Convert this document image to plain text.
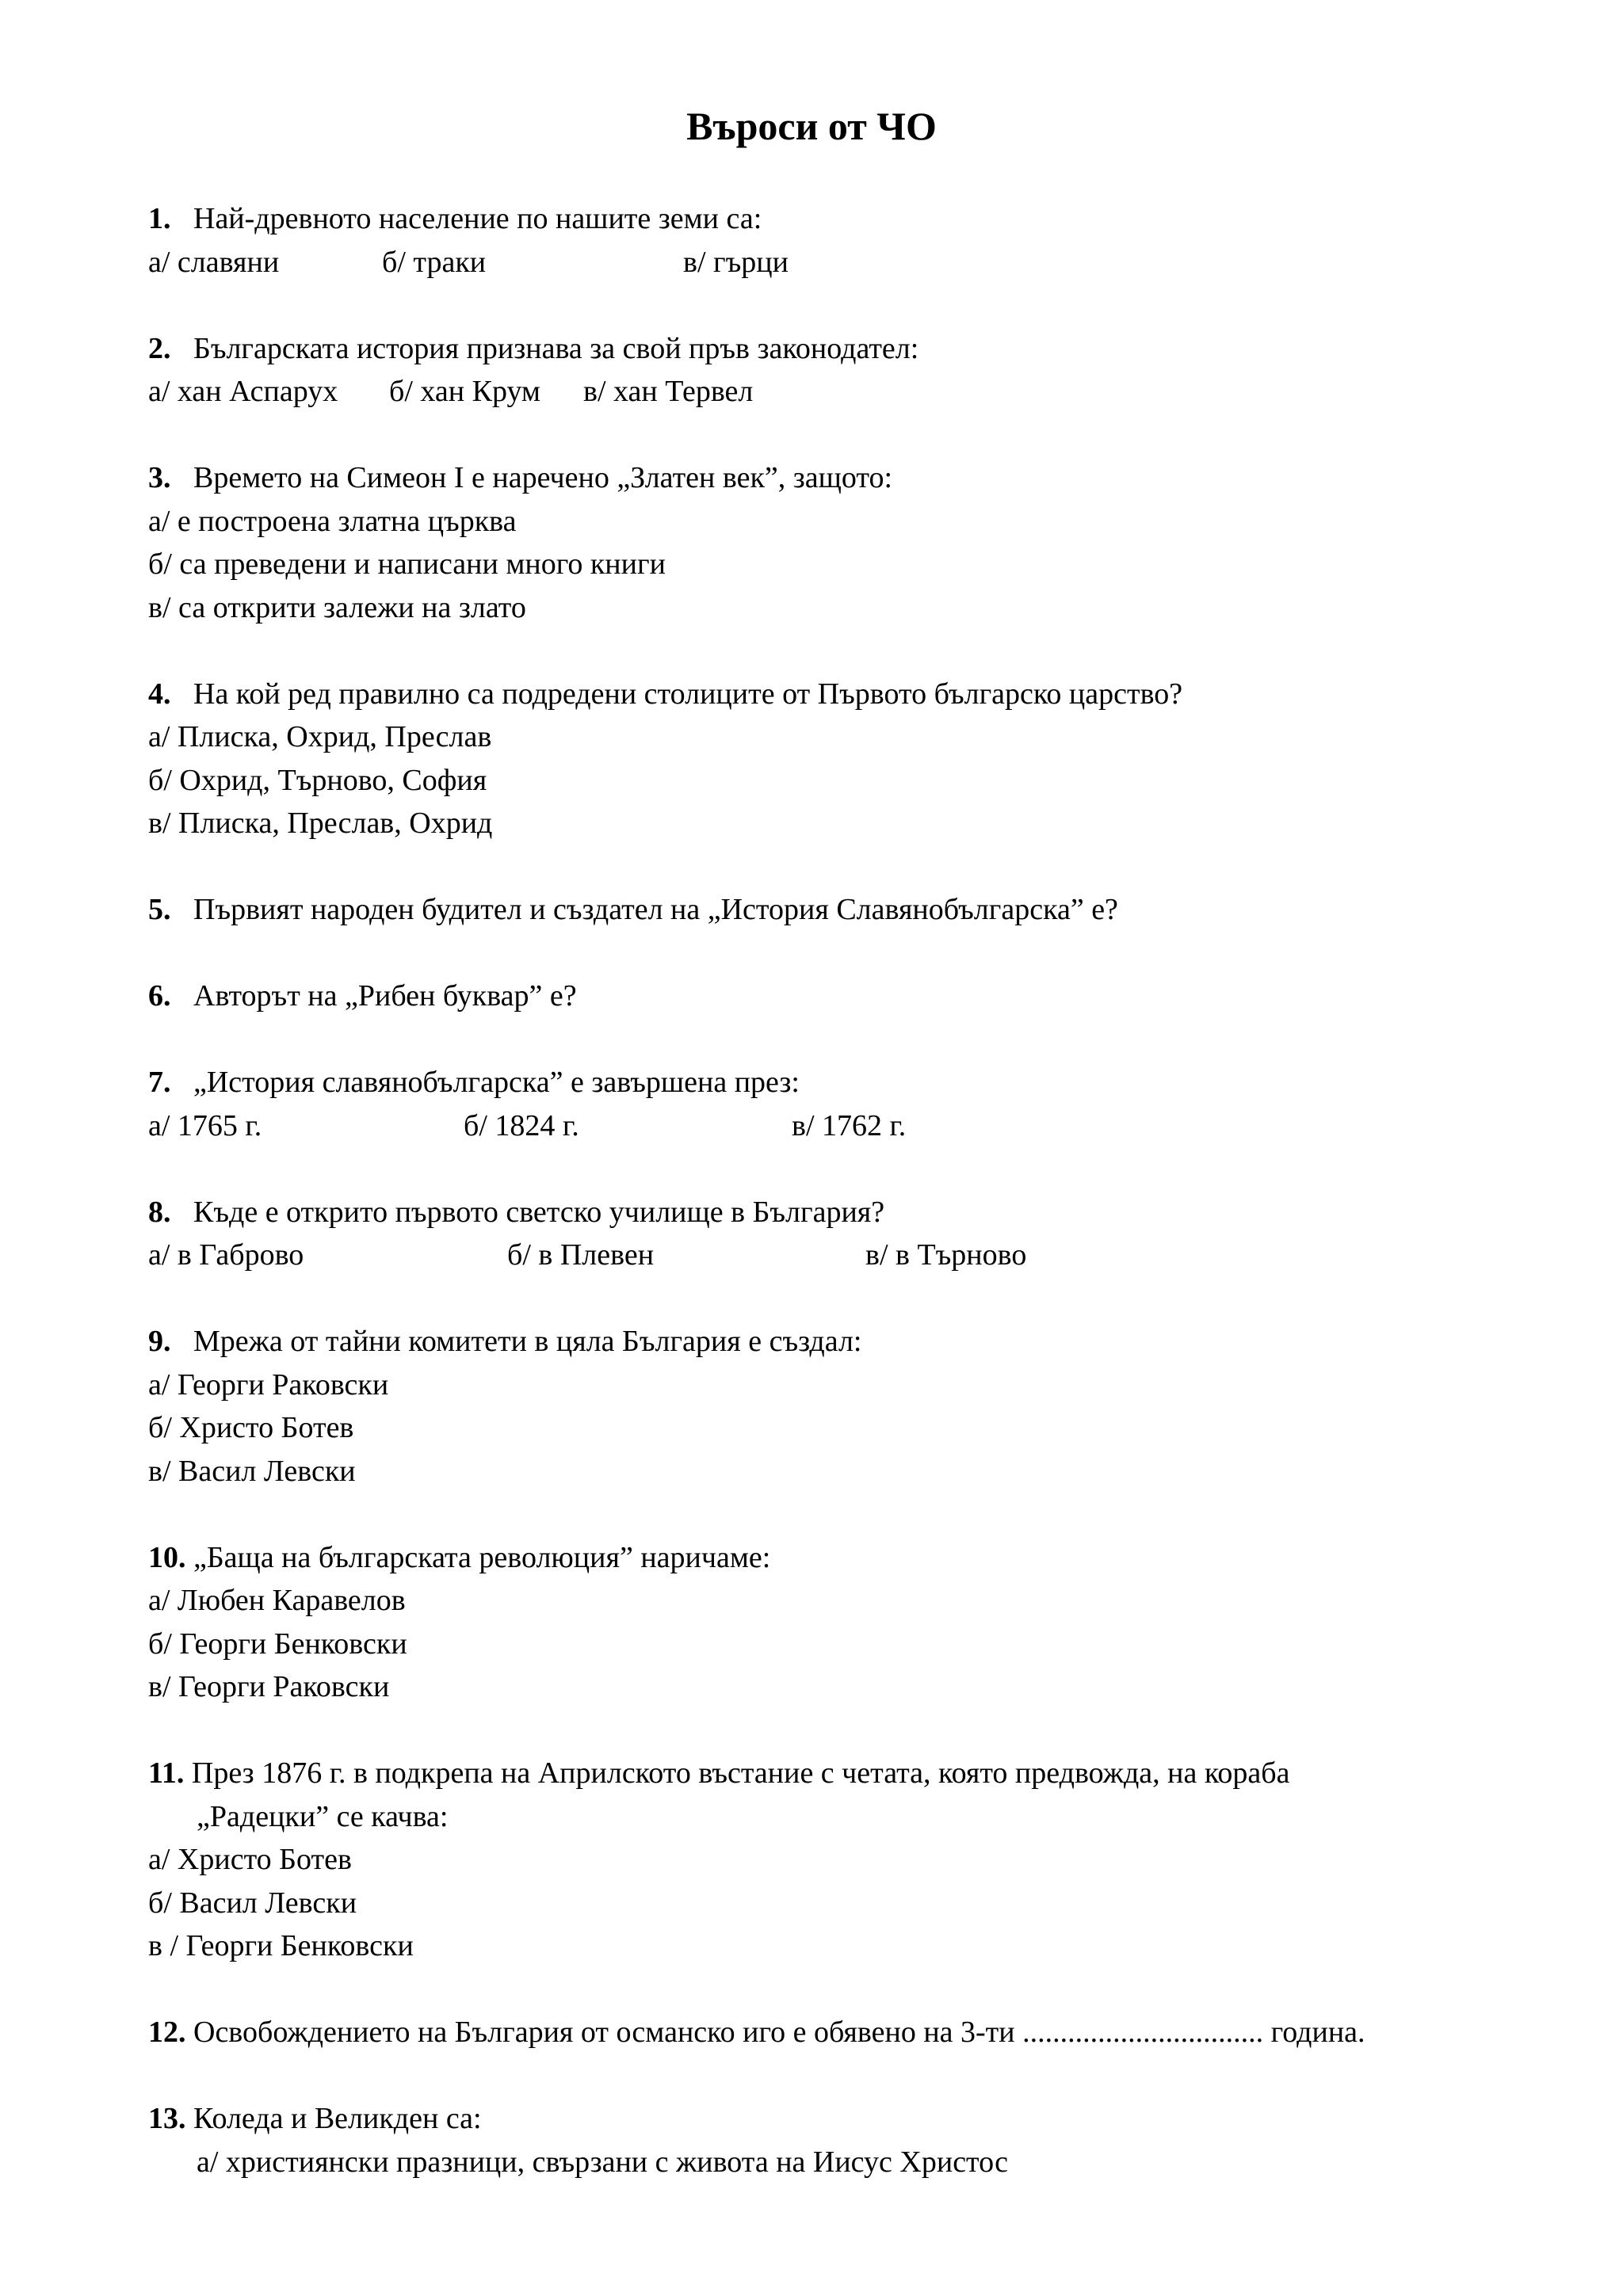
Въроси от ЧО
1. Най-древното население по нашите земи са:
а/ славяни	б/ траки	в/ гърци
2. Българската история признава за свой пръв законодател:
а/ хан Аспарух б/ хан Крум в/ хан Тервел
3. Времето на Симеон I е наречено „Златен век”, защото:
а/ е построена златна църква
б/ са преведени и написани много книги
в/ са открити залежи на злато
4. На кой ред правилно са подредени столиците от Първото българско царство?
а/ Плиска, Охрид, Преслав
б/ Охрид, Търново, София
в/ Плиска, Преслав, Охрид
5. Първият народен будител и създател на „История Славянобългарска” е?
6. Авторът на „Рибен буквар” е?
7. „История славянобългарска” е завършена през:
а/ 1765 г.	б/ 1824 г.	в/ 1762 г.
8. Къде е открито първото светско училище в България?
а/ в Габрово	б/ в Плевен	в/ в Търново
9. Мрежа от тайни комитети в цяла България е създал:
а/ Георги Раковски
б/ Христо Ботев
в/ Васил Левски
10. „Баща на българската революция” наричаме:
а/ Любен Каравелов
б/ Георги Бенковски
в/ Георги Раковски
11. През 1876 г. в подкрепа на Априлското въстание с четата, която предвожда, на кораба
„Радецки” се качва:
а/ Христо Ботев
б/ Васил Левски
в / Георги Бенковски
12. Освобождението на България от османско иго е обявено на 3-ти ................................ година.
13. Коледа и Великден са:
а/ християнски празници, свързани с живота на Иисус Христос
